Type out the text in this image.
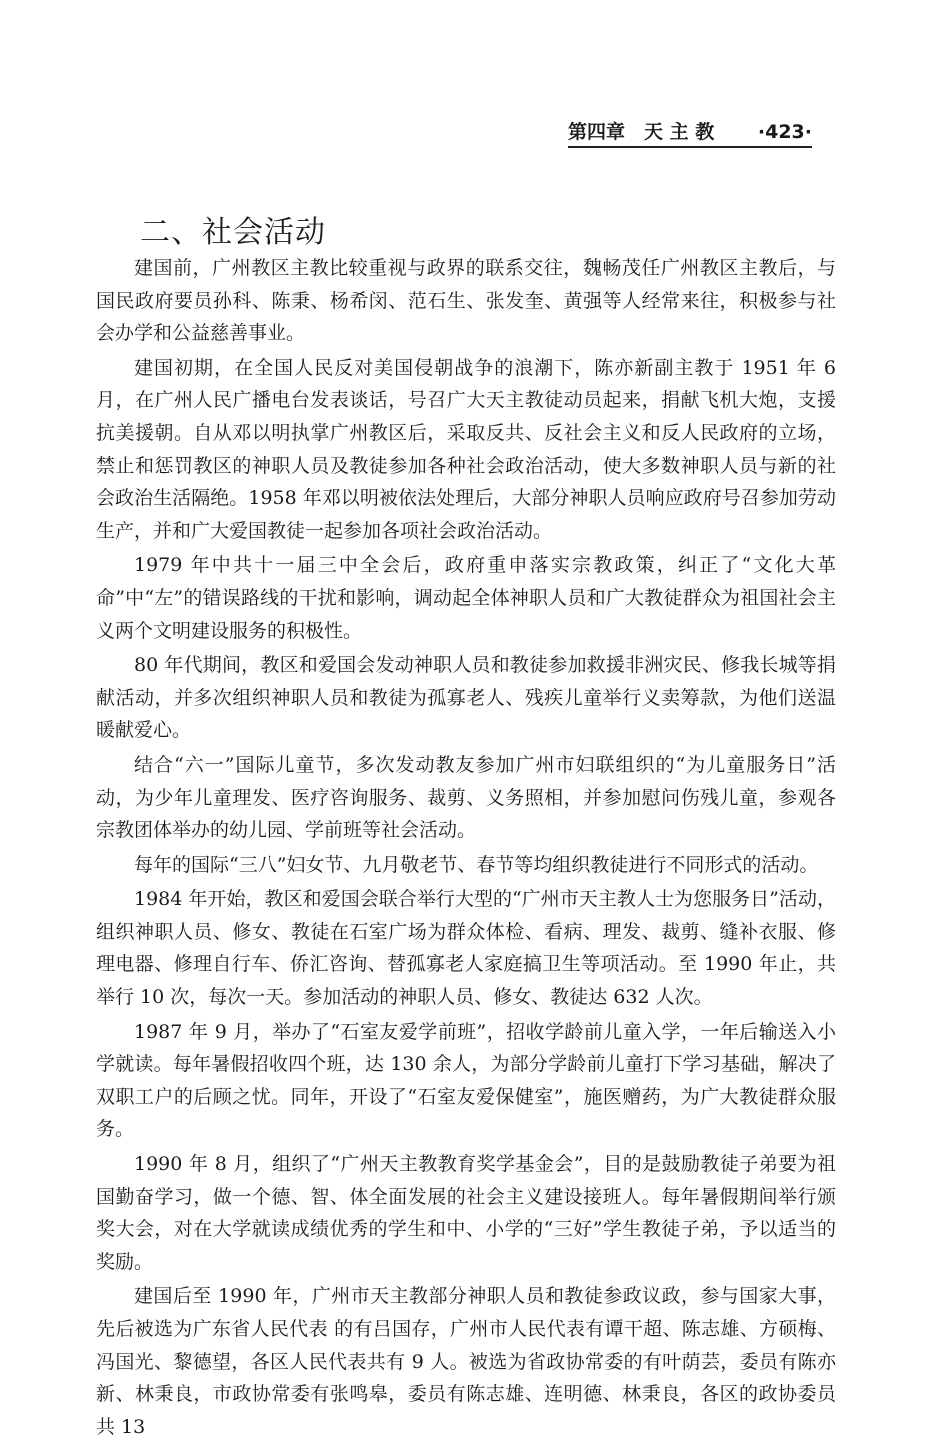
第四章　天 主 教 ·423·
二、社会活动

建国前，广州教区主教比较重视与政界的联系交往，魏畅茂任广州教区主教后，与国民政府要员孙科、陈秉、杨希闵、范石生、张发奎、黄强等人经常来往，积极参与社会办学和公益慈善事业。

建国初期，在全国人民反对美国侵朝战争的浪潮下，陈亦新副主教于 1951 年 6 月，在广州人民广播电台发表谈话，号召广大天主教徒动员起来，捐献飞机大炮，支援抗美援朝。自从邓以明执掌广州教区后，采取反共、反社会主义和反人民政府的立场，禁止和惩罚教区的神职人员及教徒参加各种社会政治活动，使大多数神职人员与新的社会政治生活隔绝。1958 年邓以明被依法处理后，大部分神职人员响应政府号召参加劳动生产，并和广大爱国教徒一起参加各项社会政治活动。

1979 年中共十一届三中全会后，政府重申落实宗教政策，纠正了“文化大革命”中“左”的错误路线的干扰和影响，调动起全体神职人员和广大教徒群众为祖国社会主义两个文明建设服务的积极性。

80 年代期间，教区和爱国会发动神职人员和教徒参加救援非洲灾民、修我长城等捐献活动，并多次组织神职人员和教徒为孤寡老人、残疾儿童举行义卖筹款，为他们送温暖献爱心。

结合“六一”国际儿童节，多次发动教友参加广州市妇联组织的“为儿童服务日”活动，为少年儿童理发、医疗咨询服务、裁剪、义务照相，并参加慰问伤残儿童，参观各宗教团体举办的幼儿园、学前班等社会活动。

每年的国际“三八”妇女节、九月敬老节、春节等均组织教徒进行不同形式的活动。

1984 年开始，教区和爱国会联合举行大型的“广州市天主教人士为您服务日”活动，组织神职人员、修女、教徒在石室广场为群众体检、看病、理发、裁剪、缝补衣服、修理电器、修理自行车、侨汇咨询、替孤寡老人家庭搞卫生等项活动。至 1990 年止，共举行 10 次，每次一天。参加活动的神职人员、修女、教徒达 632 人次。

1987 年 9 月，举办了“石室友爱学前班”，招收学龄前儿童入学，一年后输送入小学就读。每年暑假招收四个班，达 130 余人，为部分学龄前儿童打下学习基础，解决了双职工户的后顾之忧。同年，开设了“石室友爱保健室”，施医赠药，为广大教徒群众服务。

1990 年 8 月，组织了“广州天主教教育奖学基金会”，目的是鼓励教徒子弟要为祖国勤奋学习，做一个德、智、体全面发展的社会主义建设接班人。每年暑假期间举行颁奖大会，对在大学就读成绩优秀的学生和中、小学的“三好”学生教徒子弟，予以适当的奖励。

建国后至 1990 年，广州市天主教部分神职人员和教徒参政议政，参与国家大事，先后被选为广东省人民代表 的有吕国存，广州市人民代表有谭干超、陈志雄、方硕梅、冯国光、黎德望，各区人民代表共有 9 人。被选为省政协常委的有叶荫芸，委员有陈亦新、林秉良，市政协常委有张鸣皋，委员有陈志雄、连明德、林秉良，各区的政协委员共 13
